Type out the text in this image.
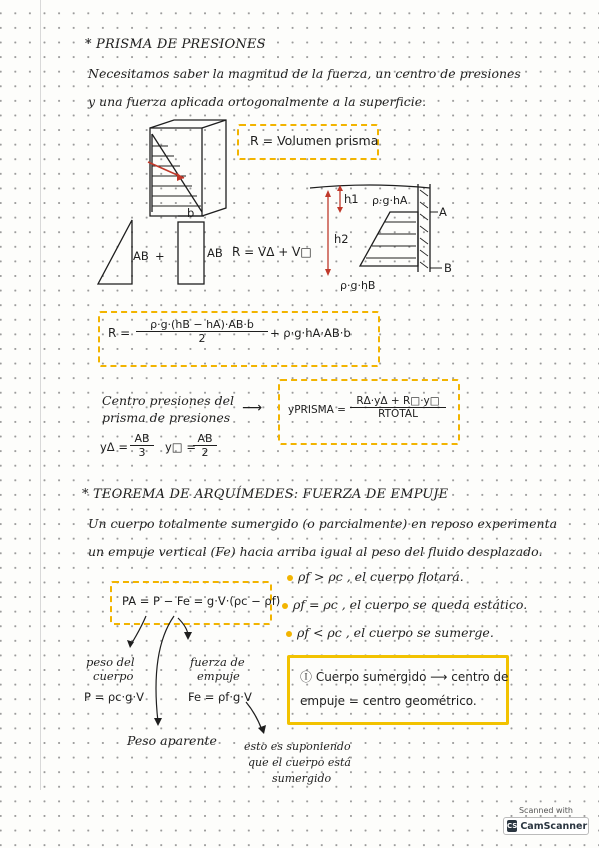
* PRISMA DE PRESIONES
Necesitamos saber la magnitud de la fuerza, un centro de presiones
y una fuerza aplicada ortogonalmente a la superficie.
R = Volumen prisma
b
AB +	AB R = VΔ + V□
h1
h2
ρ·g·hA
A
B
ρ·g·hB
$R = \frac{\rho\cdot g\cdot(hB - hA)\cdot AB\cdot b}{2} + \rho\cdot g\cdot hA\cdot AB\cdot b$
Centro presiones del
prisma de presiones
⟶
$y\Delta = \frac{AB}{3}$ y□ =
$\frac{AB}{2}$
yPRISMA =
RΔ·yΔ + R□·y□
RTOTAL
* TEOREMA DE ARQUÍMEDES: FUERZA DE EMPUJE
Un cuerpo totalmente sumergido (o parcialmente) en reposo experimenta
un empuje vertical (Fe) hacia arriba igual al peso del fluido desplazado.
PA = P − Fe = g·V·(ρc − ρf)
ρf > ρc , el cuerpo flotará.
ρf = ρc , el cuerpo se queda estático.
ρf < ρc , el cuerpo se sumerge.
peso del
cuerpo
P = ρc·g·V
fuerza de
empuje
Fe = ρf·g·V
Peso aparente esto es suponiendo
que el cuerpo está
sumergido
Ⓘ Cuerpo sumergido ⟶ centro de
empuje = centro geométrico.
Scanned with
CS CamScanner
